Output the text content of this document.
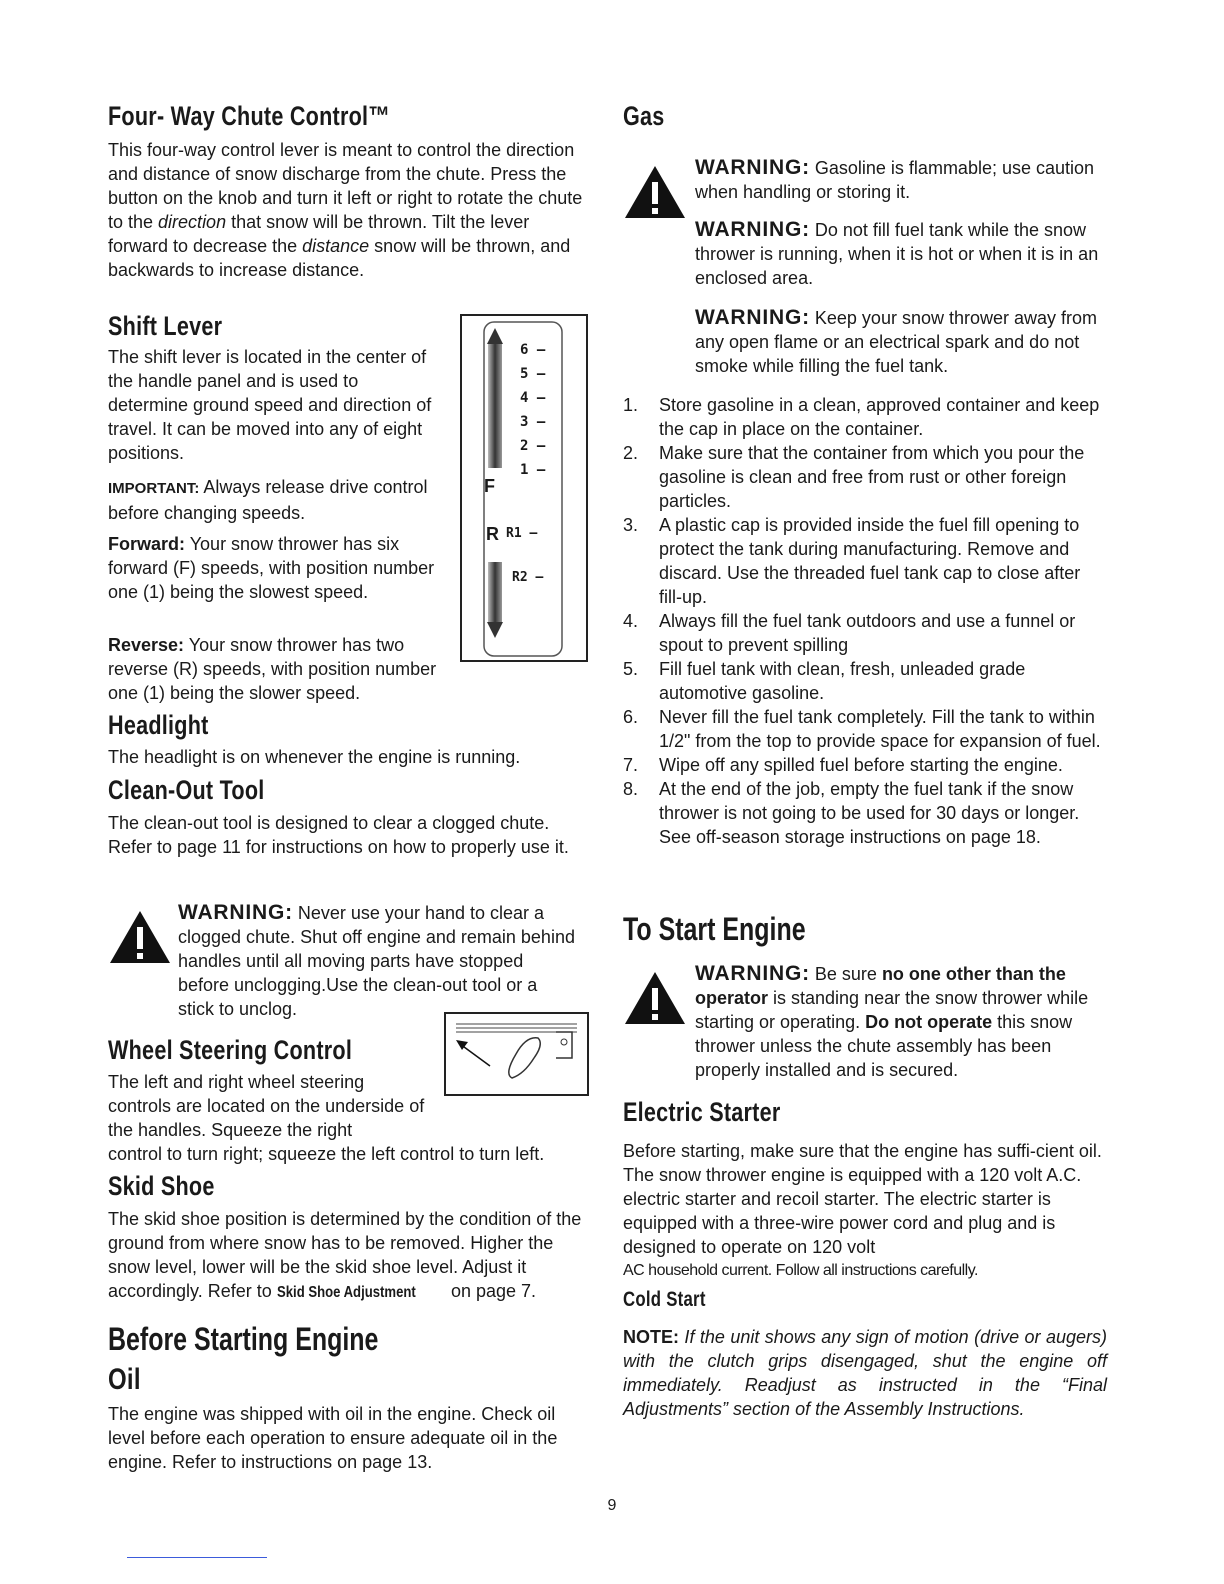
Four- Way Chute Control™

This four-way control lever is meant to control the direction and distance of snow discharge from the chute. Press the button on the knob and turn it left or right to rotate the chute to the direction that snow will be thrown. Tilt the lever forward to decrease the distance snow will be thrown, and backwards to increase distance.

Shift Lever

The shift lever is located in the center of the handle panel and is used to determine ground speed and direction of travel. It can be moved into any of eight positions.

IMPORTANT: Always release drive control before changing speeds.

Forward: Your snow thrower has six forward (F) speeds, with position number one (1) being the slowest speed.

Reverse: Your snow thrower has two reverse (R) speeds, with position number one (1) being the slower speed.

6 —
5 —
4 —
3 —
2 —
1 —
F
R R1 —
R2 —
Headlight

The headlight is on whenever the engine is running.

Clean-Out Tool

The clean-out tool is designed to clear a clogged chute. Refer to page 11 for instructions on how to properly use it.

WARNING: Never use your hand to clear a clogged chute. Shut off engine and remain behind handles until all moving parts have stopped before unclogging.Use the clean-out tool or a stick to unclog.

Wheel Steering Control

The left and right wheel steering controls are located on the underside of the handles. Squeeze the right

control to turn right; squeeze the left control to turn left.

Skid Shoe

The skid shoe position is determined by the condition of the ground from where snow has to be removed. Higher the snow level, lower will be the skid shoe level. Adjust it accordingly. Refer to Skid Shoe Adjustment on page 7.

Before Starting Engine
Oil

The engine was shipped with oil in the engine. Check oil level before each operation to ensure adequate oil in the engine. Refer to instructions on page 13.

Gas

WARNING: Gasoline is flammable; use caution when handling or storing it.

WARNING: Do not fill fuel tank while the snow thrower is running, when it is hot or when it is in an enclosed area.

WARNING: Keep your snow thrower away from any open flame or an electrical spark and do not smoke while filling the fuel tank.

1. Store gasoline in a clean, approved container and keep the cap in place on the container.
2. Make sure that the container from which you pour the gasoline is clean and free from rust or other foreign particles.
3. A plastic cap is provided inside the fuel fill opening to protect the tank during manufacturing. Remove and discard. Use the threaded fuel tank cap to close after fill-up.
4. Always fill the fuel tank outdoors and use a funnel or spout to prevent spilling
5. Fill fuel tank with clean, fresh, unleaded grade automotive gasoline.
6. Never fill the fuel tank completely. Fill the tank to within 1/2" from the top to provide space for expansion of fuel.
7. Wipe off any spilled fuel before starting the engine.
8. At the end of the job, empty the fuel tank if the snow thrower is not going to be used for 30 days or longer. See off-season storage instructions on page 18.
To Start Engine

WARNING: Be sure no one other than the operator is standing near the snow thrower while starting or operating. Do not operate this snow thrower unless the chute assembly has been properly installed and is secured.

Electric Starter

Before starting, make sure that the engine has suffi-cient oil. The snow thrower engine is equipped with a 120 volt A.C. electric starter and recoil starter. The electric starter is equipped with a three-wire power cord and plug and is designed to operate on 120 volt

AC household current. Follow all instructions carefully.

Cold Start

NOTE: If the unit shows any sign of motion (drive or augers) with the clutch grips disengaged, shut the engine off immediately. Readjust as instructed in the “Final Adjustments” section of the Assembly Instructions.

9
